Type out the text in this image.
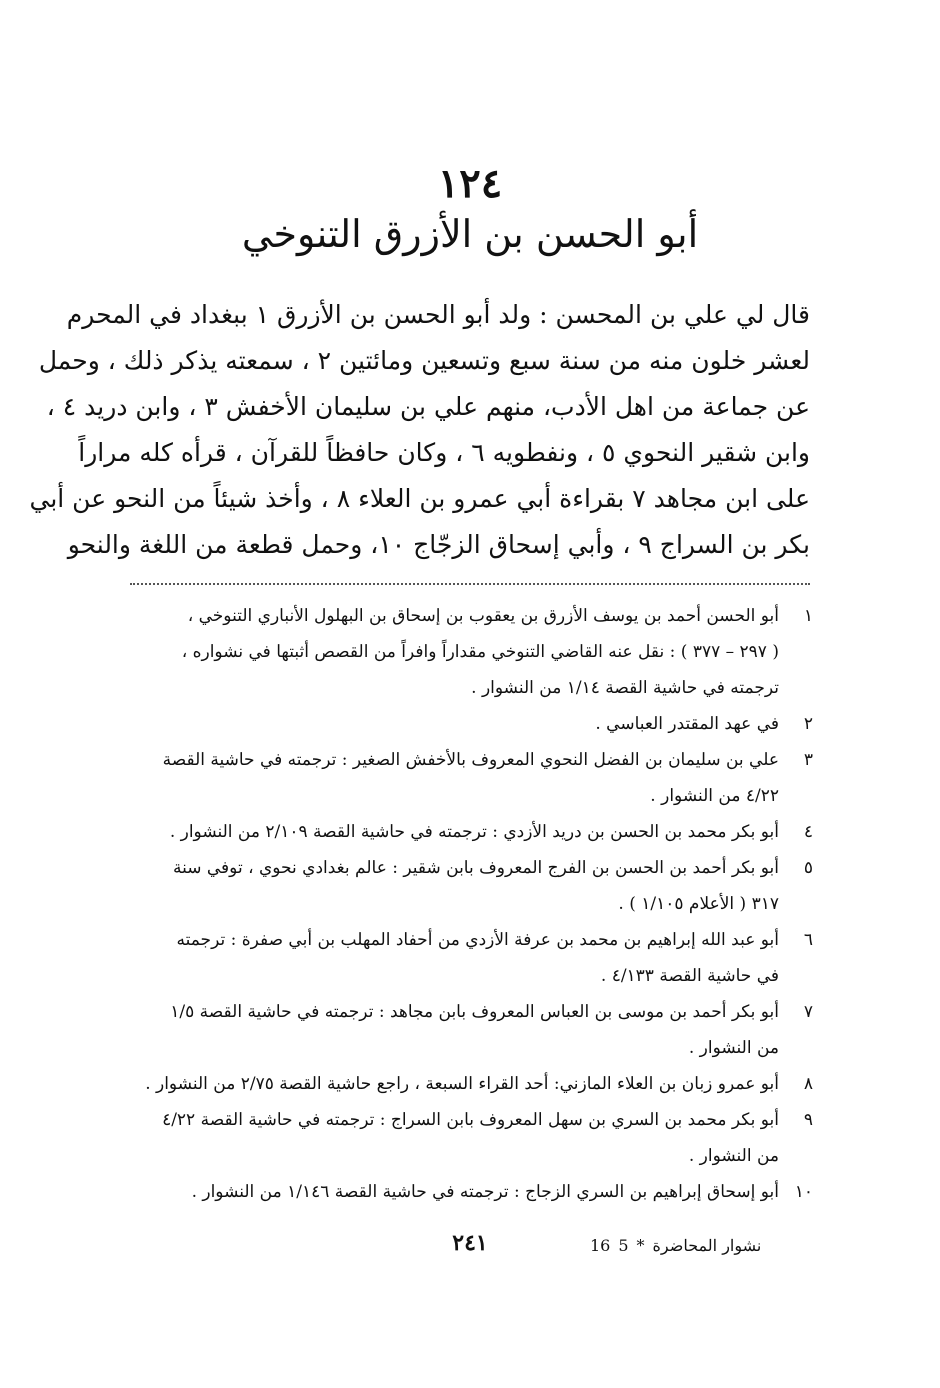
١٢٤
أبو الحسن بن الأزرق التنوخي
قال لي علي بن المحسن : ولد أبو الحسن بن الأزرق ١ ببغداد في المحرم
لعشر خلون منه من سنة سبع وتسعين ومائتين ٢ ، سمعته يذكر ذلك ، وحمل
عن جماعة من اهل الأدب، منهم علي بن سليمان الأخفش ٣ ، وابن دريد ٤ ،
وابن شقير النحوي ٥ ، ونفطويه ٦ ، وكان حافظاً للقرآن ، قرأه كله مراراً
على ابن مجاهد ٧ بقراءة أبي عمرو بن العلاء ٨ ، وأخذ شيئاً من النحو عن أبي
بكر بن السراج ٩ ، وأبي إسحاق الزجّاج ١٠، وحمل قطعة من اللغة والنحو
١
أبو الحسن أحمد بن يوسف الأزرق بن يعقوب بن إسحاق بن البهلول الأنباري التنوخي ،
( ٢٩٧ – ٣٧٧ ) : نقل عنه القاضي التنوخي مقداراً وافراً من القصص أثبتها في نشواره ،
ترجمته في حاشية القصة ١/١٤ من النشوار .
٢
في عهد المقتدر العباسي .
٣
علي بن سليمان بن الفضل النحوي المعروف بالأخفش الصغير : ترجمته في حاشية القصة
٤/٢٢ من النشوار .
٤
أبو بكر محمد بن الحسن بن دريد الأزدي : ترجمته في حاشية القصة ٢/١٠٩ من النشوار .
٥
أبو بكر أحمد بن الحسن بن الفرج المعروف بابن شقير : عالم بغدادي نحوي ، توفي سنة
٣١٧ ( الأعلام ١/١٠٥ ) .
٦
أبو عبد الله إبراهيم بن محمد بن عرفة الأزدي من أحفاد المهلب بن أبي صفرة : ترجمته
في حاشية القصة ٤/١٣٣ .
٧
أبو بكر أحمد بن موسى بن العباس المعروف بابن مجاهد : ترجمته في حاشية القصة ١/٥
من النشوار .
٨
أبو عمرو زبان بن العلاء المازني: أحد القراء السبعة ، راجع حاشية القصة ٢/٧٥ من النشوار .
٩
أبو بكر محمد بن السري بن سهل المعروف بابن السراج : ترجمته في حاشية القصة ٤/٢٢
من النشوار .
١٠
أبو إسحاق إبراهيم بن السري الزجاج : ترجمته في حاشية القصة ١/١٤٦ من النشوار .
٢٤١	16	نشوار المحاضرة*5
